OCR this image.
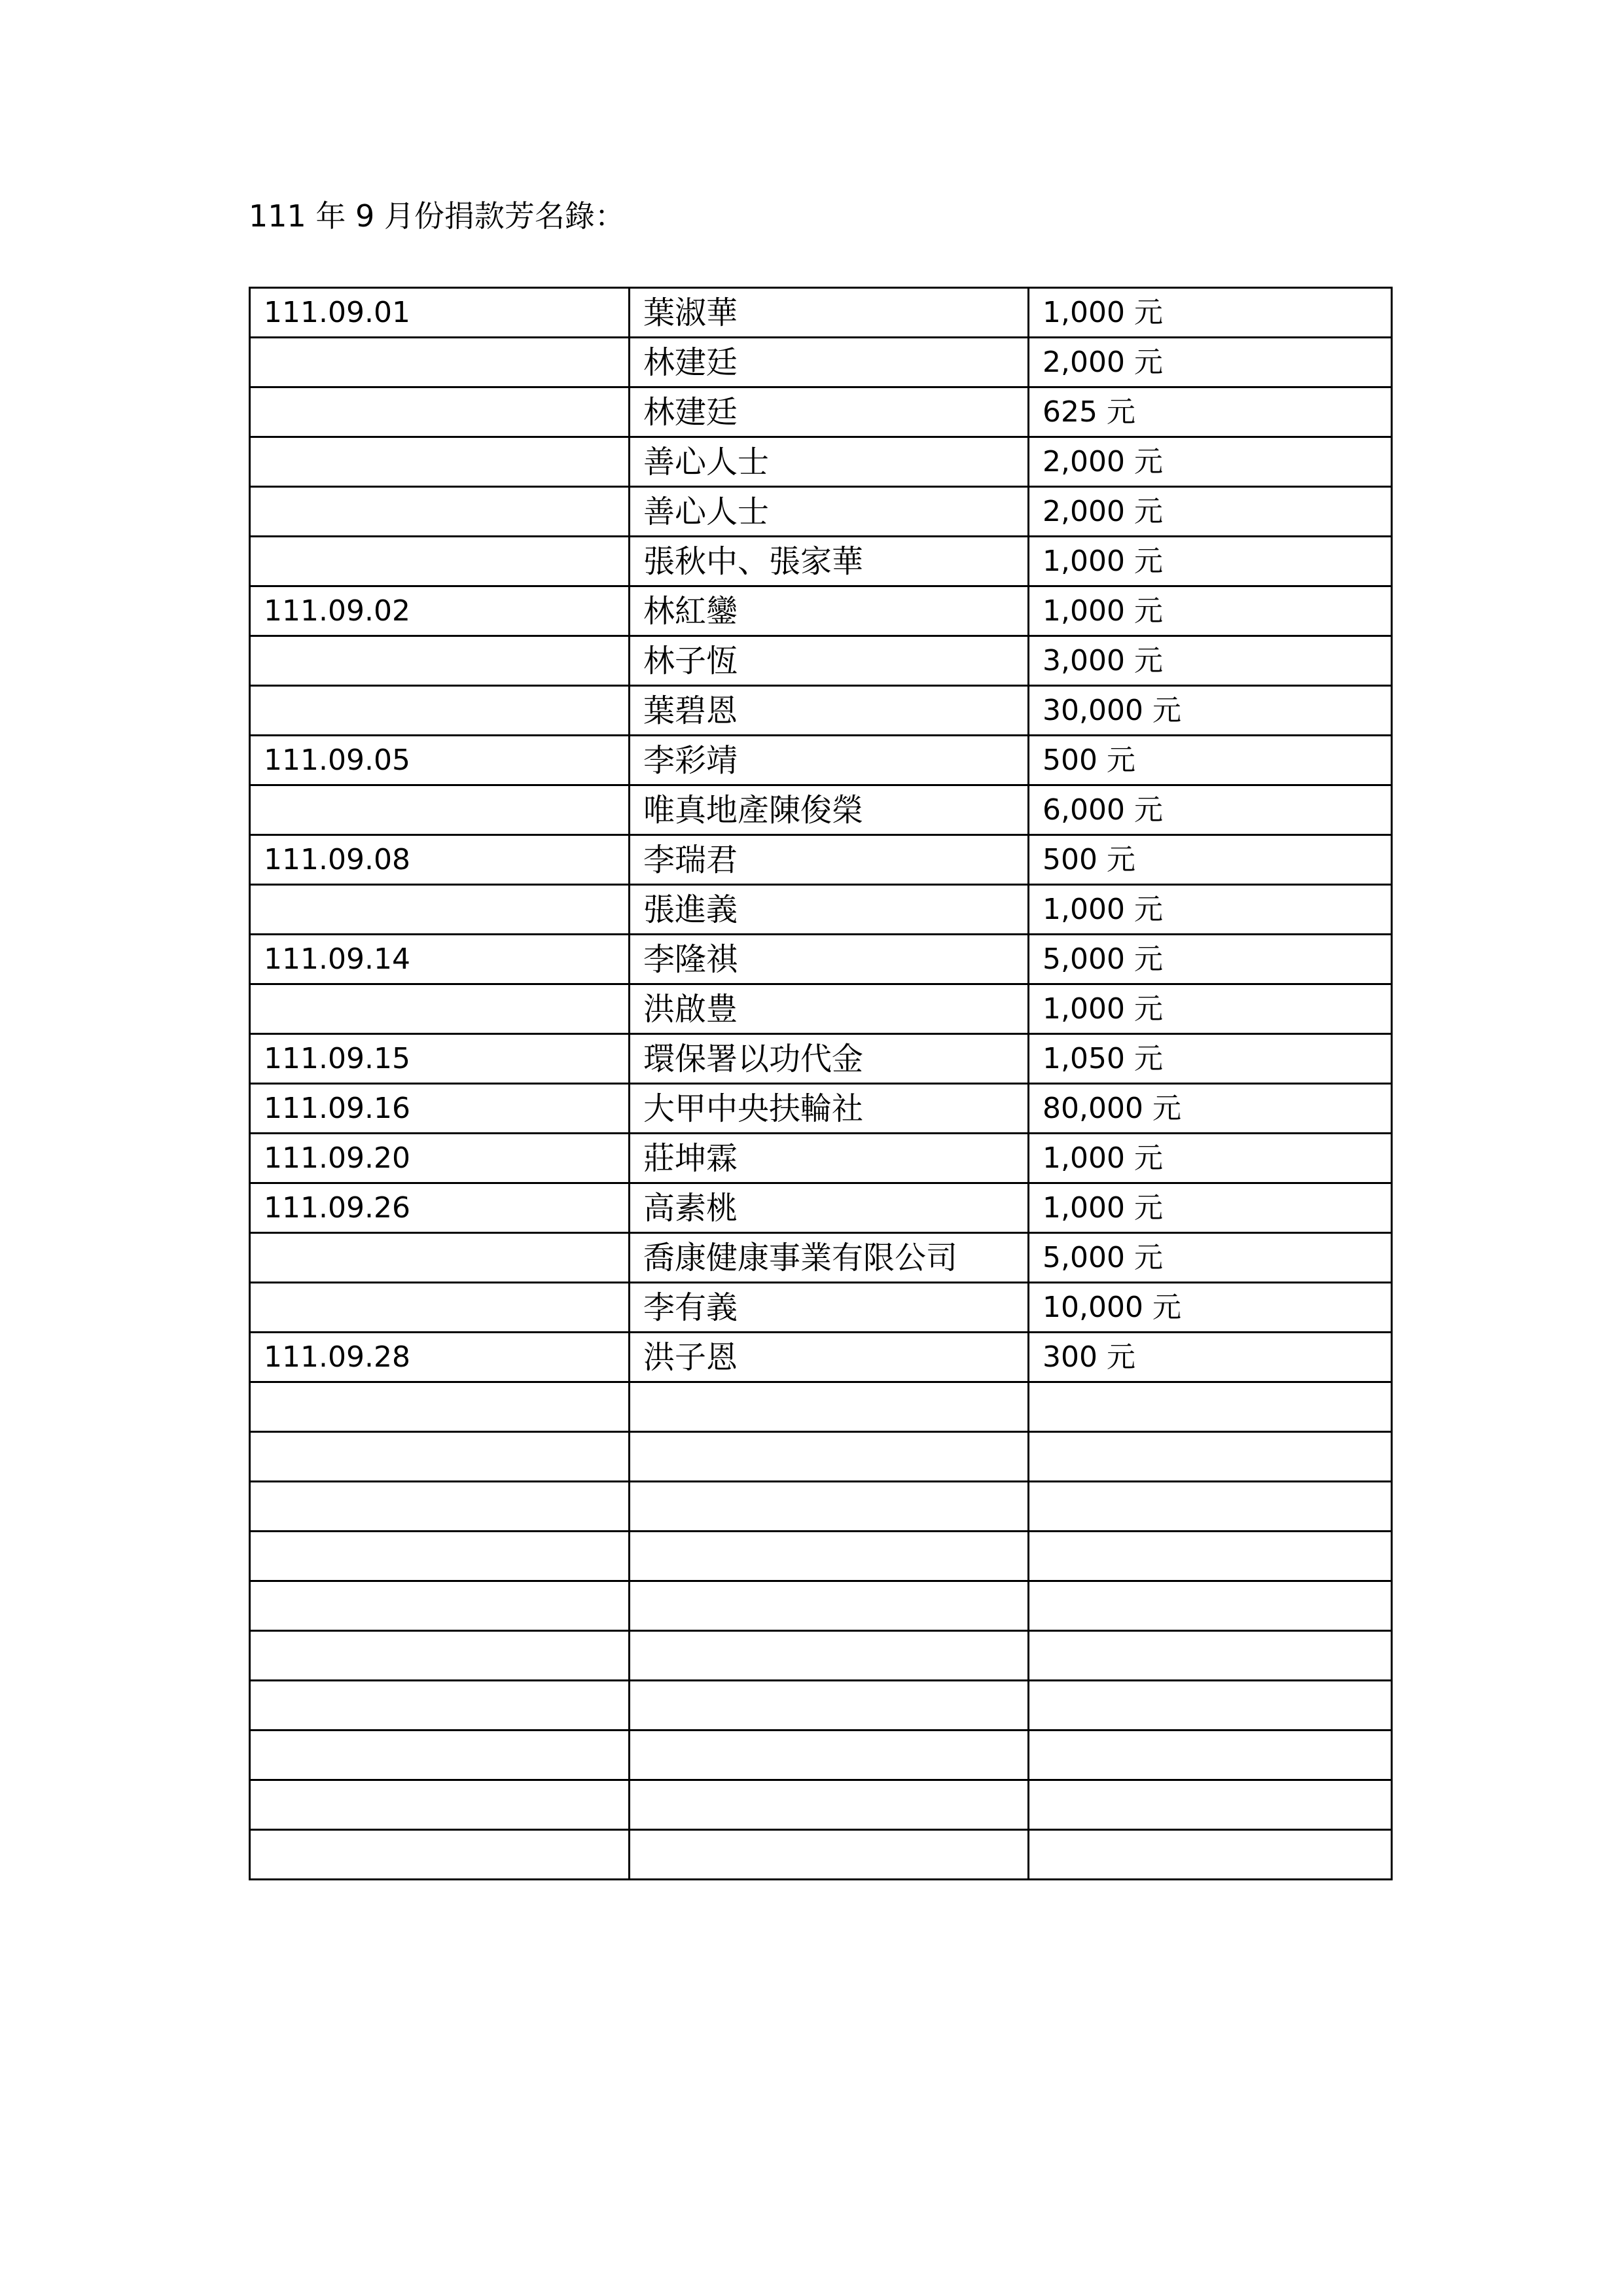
111 年 9 月份捐款芳名錄：
111.09.01	葉淑華	1,000 元
	林建廷	2,000 元
	林建廷	625 元
	善心人士	2,000 元
	善心人士	2,000 元
	張秋中、張家華	1,000 元
111.09.02	林紅鑾	1,000 元
	林子恆	3,000 元
	葉碧恩	30,000 元
111.09.05	李彩靖	500 元
	唯真地產陳俊榮	6,000 元
111.09.08	李瑞君	500 元
	張進義	1,000 元
111.09.14	李隆祺	5,000 元
	洪啟豊	1,000 元
111.09.15	環保署以功代金	1,050 元
111.09.16	大甲中央扶輪社	80,000 元
111.09.20	莊坤霖	1,000 元
111.09.26	高素桃	1,000 元
	喬康健康事業有限公司	5,000 元
	李有義	10,000 元
111.09.28	洪子恩	300 元
